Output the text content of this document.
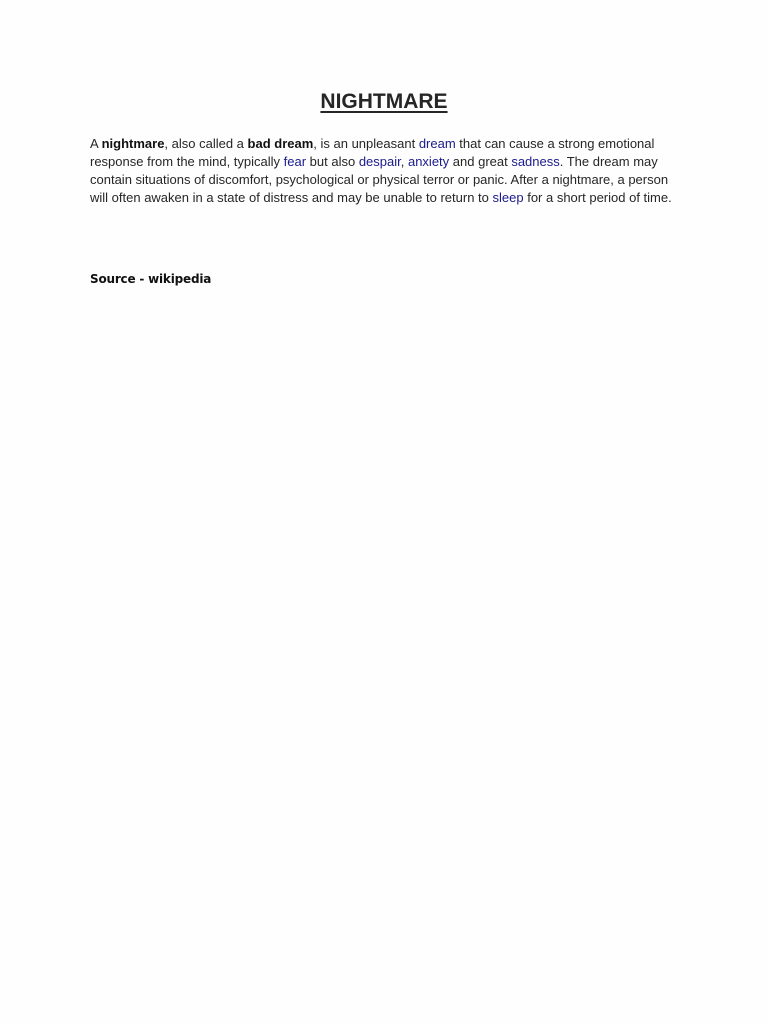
NIGHTMARE

A nightmare, also called a bad dream, is an unpleasant dream that can cause a strong emotional response from the mind, typically fear but also despair, anxiety and great sadness. The dream may contain situations of discomfort, psychological or physical terror or panic. After a nightmare, a person will often awaken in a state of distress and may be unable to return to sleep for a short period of time.

Source - wikipedia
